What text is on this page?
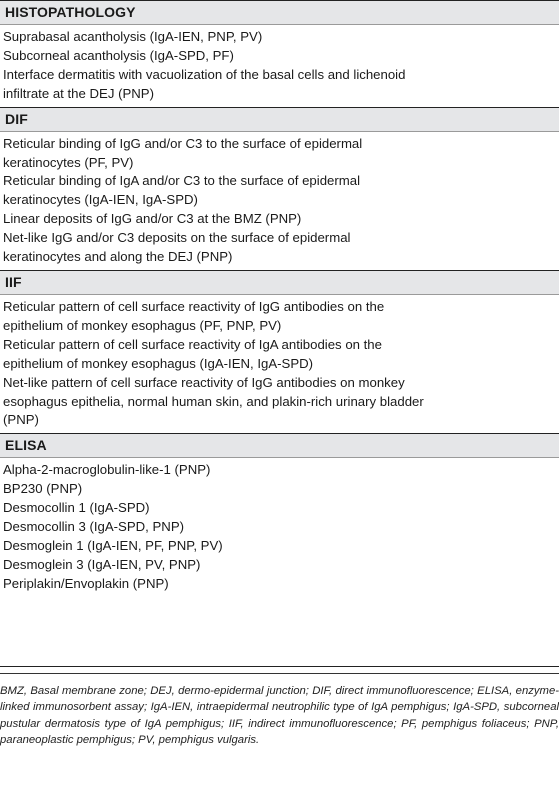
HISTOPATHOLOGY
Suprabasal acantholysis (IgA-IEN, PNP, PV)
Subcorneal acantholysis (IgA-SPD, PF)
Interface dermatitis with vacuolization of the basal cells and lichenoid infiltrate at the DEJ (PNP)
DIF
Reticular binding of IgG and/or C3 to the surface of epidermal keratinocytes (PF, PV)
Reticular binding of IgA and/or C3 to the surface of epidermal keratinocytes (IgA-IEN, IgA-SPD)
Linear deposits of IgG and/or C3 at the BMZ (PNP)
Net-like IgG and/or C3 deposits on the surface of epidermal keratinocytes and along the DEJ (PNP)
IIF
Reticular pattern of cell surface reactivity of IgG antibodies on the epithelium of monkey esophagus (PF, PNP, PV)
Reticular pattern of cell surface reactivity of IgA antibodies on the epithelium of monkey esophagus (IgA-IEN, IgA-SPD)
Net-like pattern of cell surface reactivity of IgG antibodies on monkey esophagus epithelia, normal human skin, and plakin-rich urinary bladder (PNP)
ELISA
Alpha-2-macroglobulin-like-1 (PNP)
BP230 (PNP)
Desmocollin 1 (IgA-SPD)
Desmocollin 3 (IgA-SPD, PNP)
Desmoglein 1 (IgA-IEN, PF, PNP, PV)
Desmoglein 3 (IgA-IEN, PV, PNP)
Periplakin/Envoplakin (PNP)
BMZ, Basal membrane zone; DEJ, dermo-epidermal junction; DIF, direct immunofluorescence; ELISA, enzyme-linked immunosorbent assay; IgA-IEN, intraepidermal neutrophilic type of IgA pemphigus; IgA-SPD, subcorneal pustular dermatosis type of IgA pemphigus; IIF, indirect immunofluorescence; PF, pemphigus foliaceus; PNP, paraneoplastic pemphigus; PV, pemphigus vulgaris.
